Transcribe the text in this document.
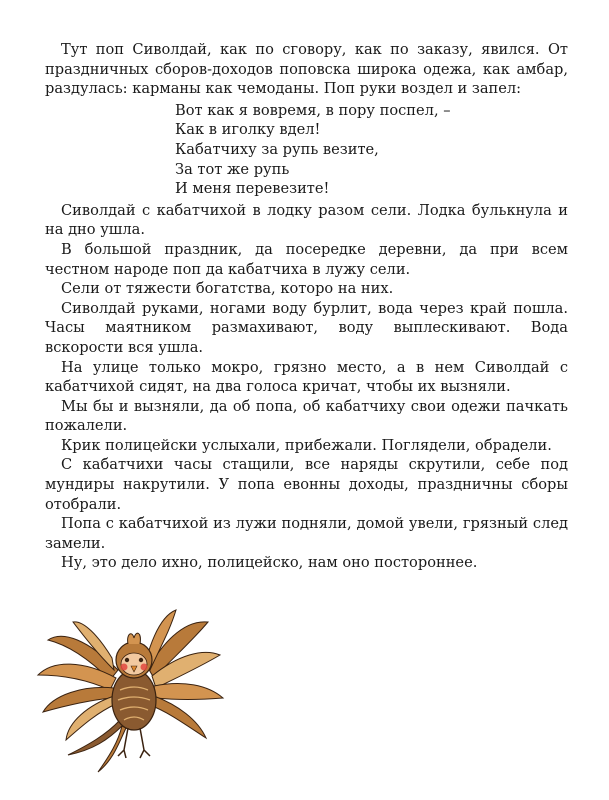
Тут поп Сиволдай, как по сговору, как по заказу, явился. От праздничных сборов-доходов поповска широка одежа, как амбар, раздулась: карманы как чемоданы. Поп руки воздел и запел:

Вот как я вовремя, в пору поспел, –
Как в иголку вдел!
Кабатчиху за рупь везите,
За тот же рупь
И меня перевезите!

Сиволдай с кабатчихой в лодку разом сели. Лодка булькнула и на дно ушла.

В большой праздник, да посередке деревни, да при всем честном народе поп да кабатчиха в лужу сели.

Сели от тяжести богатства, которо на них.

Сиволдай руками, ногами воду бурлит, вода через край пошла. Часы маятником размахивают, воду выплескивают. Вода вскорости вся ушла.

На улице только мокро, грязно место, а в нем Сиволдай с кабатчихой сидят, на два голоса кричат, чтобы их вызняли.

Мы бы и вызняли, да об попа, об кабатчиху свои одежи пачкать пожалели.

Крик полицейски услыхали, прибежали. Поглядели, обрадели.

С кабатчихи часы стащили, все наряды скрутили, себе под мундиры накрутили. У попа евонны доходы, праздничны сборы отобрали.

Попа с кабатчихой из лужи подняли, домой увели, грязный след замели.

Ну, это дело ихно, полицейско, нам оно постороннее.
